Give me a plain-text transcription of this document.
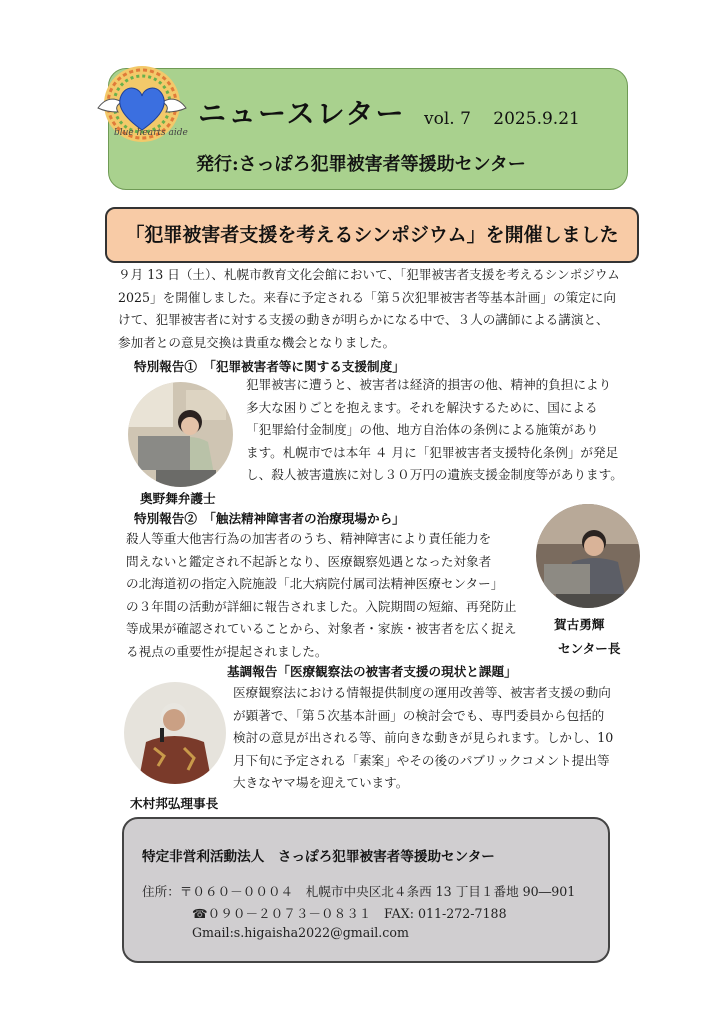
blue hearts aide
ニュースレター vol. 7　 2025.9.21
発行:さっぽろ犯罪被害者等援助センター
「犯罪被害者支援を考えるシンポジウム」を開催しました
９月 13 日（土）、札幌市教育文化会館において、「犯罪被害者支援を考えるシンポジウム
2025」を開催しました。来春に予定される「第５次犯罪被害者等基本計画」の策定に向
けて、犯罪被害者に対する支援の動きが明らかになる中で、３人の講師による講演と、
参加者との意見交換は貴重な機会となりました。
特別報告①　「犯罪被害者等に関する支援制度」
犯罪被害に遭うと、被害者は経済的損害の他、精神的負担により
多大な困りごとを抱えます。それを解決するために、国による
「犯罪給付金制度」の他、地方自治体の条例による施策があり
ます。札幌市では本年 ４ 月に「犯罪被害者支援特化条例」が発足
し、殺人被害遺族に対し３０万円の遺族支援金制度等があります。
奥野舞弁護士
特別報告②　「触法精神障害者の治療現場から」
殺人等重大他害行為の加害者のうち、精神障害により責任能力を
問えないと鑑定され不起訴となり、医療観察処遇となった対象者
の北海道初の指定入院施設「北大病院付属司法精神医療センター」
の３年間の活動が詳細に報告されました。入院期間の短縮、再発防止
等成果が確認されていることから、対象者・家族・被害者を広く捉え
る視点の重要性が提起されました。
賀古勇輝
センター長
基調報告「医療観察法の被害者支援の現状と課題」
医療観察法における情報提供制度の運用改善等、被害者支援の動向
が顕著で、「第５次基本計画」の検討会でも、専門委員から包括的
検討の意見が出される等、前向きな動きが見られます。しかし、10
月下旬に予定される「素案」やその後のパブリックコメント提出等
大きなヤマ場を迎えています。
木村邦弘理事長
特定非営利活動法人　さっぽろ犯罪被害者等援助センター
住所：〒０６０－０００４　札幌市中央区北４条西 13 丁目１番地 90―901
☎０９０－２０７３－０８３１　FAX: 011-272-7188
Gmail:s.higaisha2022@gmail.com
